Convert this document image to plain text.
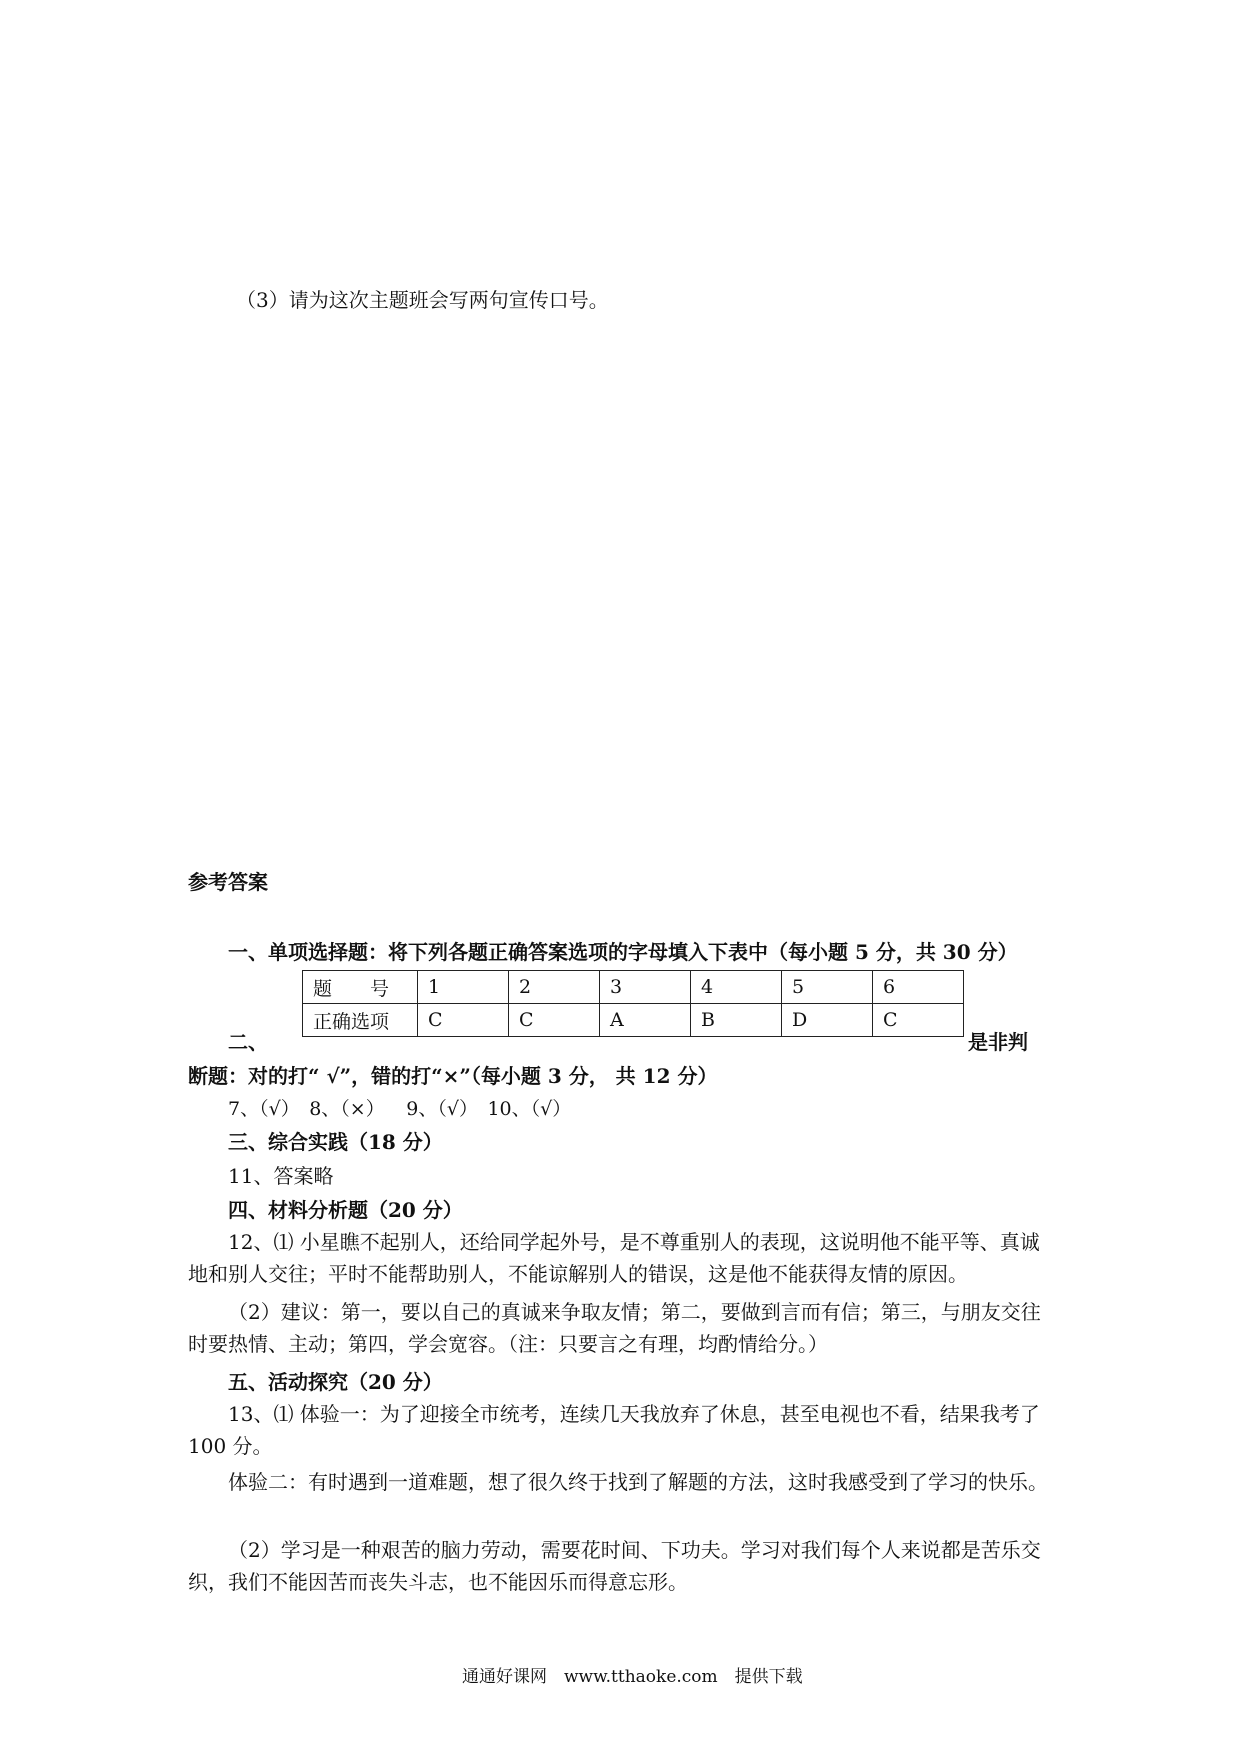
（3）请为这次主题班会写两句宣传口号。
参考答案
一、单项选择题：将下列各题正确答案选项的字母填入下表中（每小题 5 分，共 30 分）
题　　号	1	2	3	4	5	6
正确选项	C	C	A	B	D	C
二、	是非判
断题：对的打“ √”，错的打“×”（每小题 3 分， 共 12 分）
7、（√）　8、（×）　 9、（√）　10、（√）
三、综合实践（18 分）
11、答案略
四、材料分析题（20 分）
12、⑴ 小星瞧不起别人，还给同学起外号，是不尊重别人的表现，这说明他不能平等、真诚地和别人交往；平时不能帮助别人，不能谅解别人的错误，这是他不能获得友情的原因。
（2）建议：第一，要以自己的真诚来争取友情；第二，要做到言而有信；第三，与朋友交往时要热情、主动；第四，学会宽容。（注：只要言之有理，均酌情给分。）
五、活动探究（20 分）
13、⑴ 体验一：为了迎接全市统考，连续几天我放弃了休息，甚至电视也不看，结果我考了 100 分。
体验二：有时遇到一道难题，想了很久终于找到了解题的方法，这时我感受到了学习的快乐。
（2）学习是一种艰苦的脑力劳动，需要花时间、下功夫。学习对我们每个人来说都是苦乐交织，我们不能因苦而丧失斗志，也不能因乐而得意忘形。
通通好课网　www.tthaoke.com　提供下载
